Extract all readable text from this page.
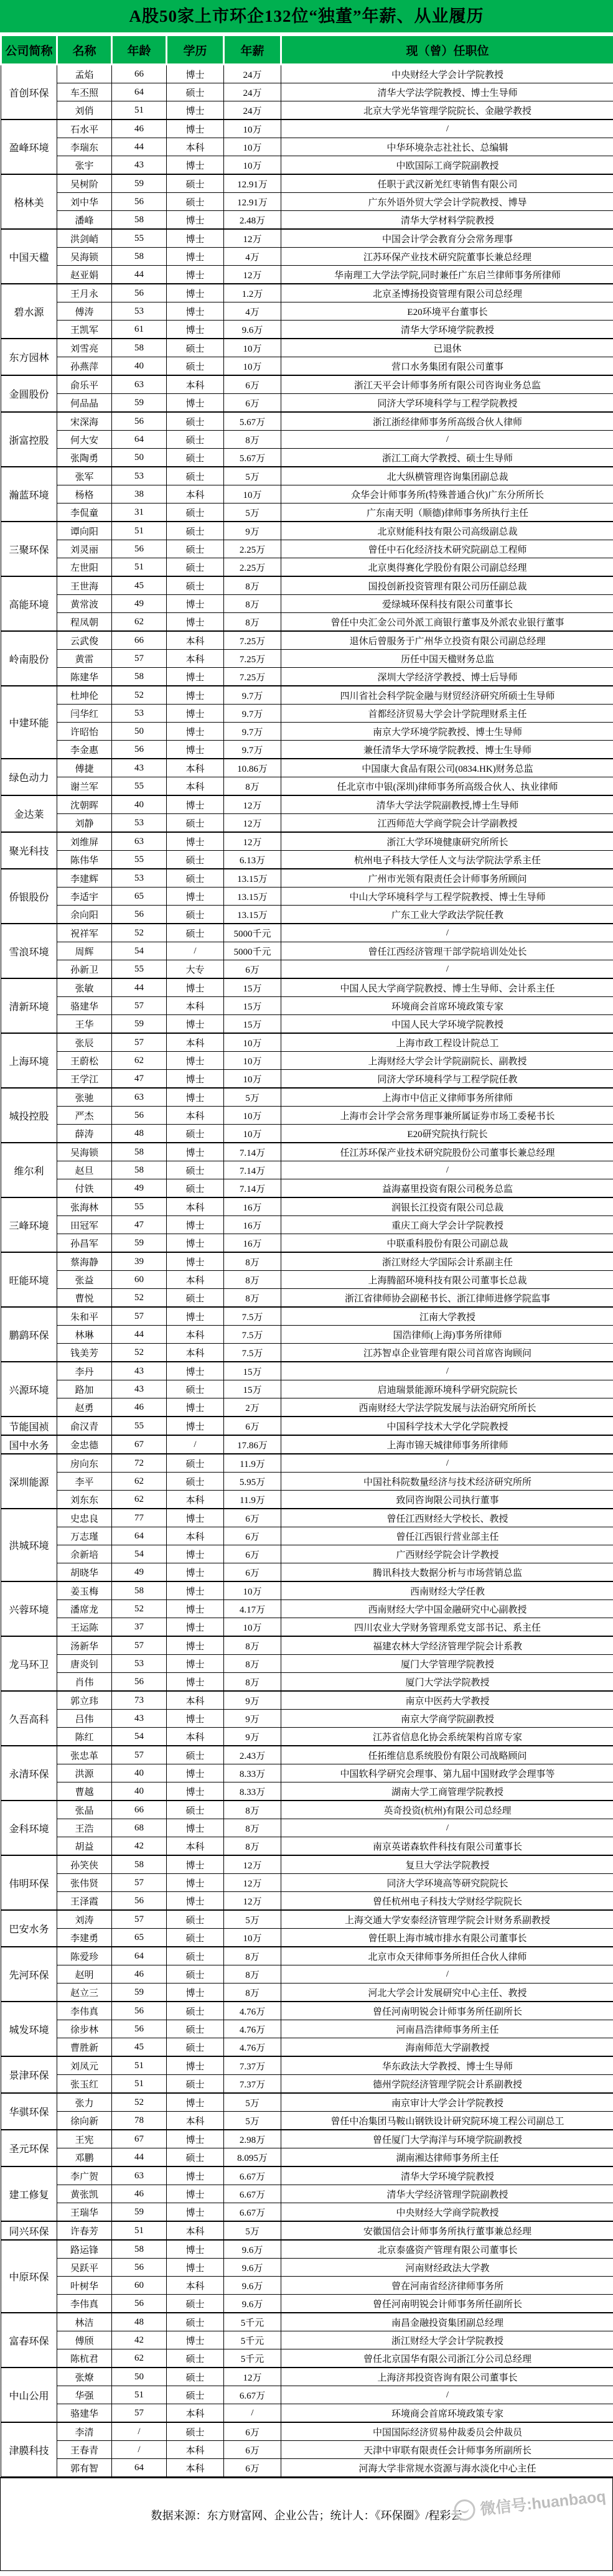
A股50家上市环企132位“独董”年薪、从业履历
公司简称	名称	年龄	学历	年薪	现（曾）任职位
首创环保	孟焰	66	博士	24万	中央财经大学会计学院教授
	车丕照	64	硕士	24万	清华大学法学院教授、博士生导师
	刘俏	51	博士	24万	北京大学光华管理学院院长、金融学教授
盈峰环境	石水平	46	博士	10万	/
	李瑞东	44	本科	10万	中华环境杂志社社长、总编辑
	张宇	43	博士	10万	中欧国际工商学院副教授
格林美	吴树阶	59	硕士	12.91万	任职于武汉新羌红枣销售有限公司
	刘中华	56	硕士	12.91万	广东外语外贸大学会计学院教授、博导
	潘峰	58	博士	2.48万	清华大学材料学院教授
中国天楹	洪剑峭	55	博士	12万	中国会计学会教育分会常务理事
	吴海锁	58	博士	4万	江苏环保产业技术研究院董事长兼总经理
	赵亚娟	44	博士	12万	华南理工大学法学院,同时兼任广东启兰律师事务所律师
碧水源	王月永	56	博士	1.2万	北京圣博扬投资管理有限公司总经理
	傅涛	53	博士	4万	E20环境平台董事长
	王凯军	61	博士	9.6万	清华大学环境学院教授
东方园林	刘雪亮	58	硕士	10万	已退休
	孙燕萍	40	硕士	10万	营口水务集团有限公司董事
金圆股份	俞乐平	63	本科	6万	浙江天平会计师事务所有限公司咨询业务总监
	何品晶	59	博士	6万	同济大学环境科学与工程学院教授
浙富控股	宋深海	56	硕士	5.67万	浙江浙经律师事务所高级合伙人律师
	何大安	64	硕士	8万	/
	张陶勇	50	硕士	5.67万	浙江工商大学教授、硕士生导师
瀚蓝环境	张军	53	硕士	5万	北大纵横管理咨询集团副总裁
	杨格	38	本科	10万	众华会计师事务所(特殊普通合伙)广东分所所长
	李侃童	31	硕士	5万	广东南天明（顺德)律师事务所执行主任
三聚环保	谭向阳	51	硕士	9万	北京财能科技有限公司高级副总裁
	刘灵丽	56	硕士	2.25万	曾任中石化经济技术研究院副总工程师
	左世阳	51	硕士	2.25万	北京奥得赛化学股份有限公司副总经理
高能环境	王世海	45	硕士	8万	国投创新投资管理有限公司历任副总裁
	黄常波	49	博士	8万	爱绿城环保科技有限公司董事长
	程凤朝	62	博士	8万	曾任中央汇金公司外派工商银行董事及外派农业银行董事
岭南股份	云武俊	66	本科	7.25万	退休后曾服务于广州华立投资有限公司副总经理
	黄雷	57	本科	7.25万	历任中国天楹财务总监
	陈建华	58	博士	7.25万	深圳大学经济学教授、博士后导师
中建环能	杜坤伦	52	博士	9.7万	四川省社会科学院金融与财贸经济研究所硕士生导师
	闫华红	53	博士	9.7万	首都经济贸易大学会计学院理财系主任
	许昭怡	50	博士	9.7万	南京大学环境学院教授、博士生导师
	李金惠	56	博士	9.7万	兼任清华大学环境学院教授、博士生导师
绿色动力	傅捷	43	本科	10.86万	中国康大食品有限公司(0834.HK)财务总监
	谢兰军	55	本科	8万	任北京市中银(深圳)律师事务所高级合伙人、执业律师
金达莱	沈朝晖	40	博士	12万	清华大学法学院副教授,博士生导师
	刘静	53	硕士	12万	江西师范大学商学院会计学副教授
聚光科技	刘维屏	63	博士	12万	浙江大学环境健康研究所所长
	陈伟华	55	硕士	6.13万	杭州电子科技大学任人文与法学院法学系主任
侨银股份	李建辉	53	硕士	13.15万	广州市光领有限责任会计师事务所顾问
	李适宇	65	博士	13.15万	中山大学环境科学与工程学院教授、博士生导师
	余向阳	56	硕士	13.15万	广东工业大学政法学院任教
雪浪环境	祝祥军	52	硕士	5000千元	/
	周辉	54	/	5000千元	曾任江西经济管理干部学院培训处处长
	孙新卫	55	大专	6万	/
清新环境	张敏	44	博士	15万	中国人民大学商学院教授、博士生导师、会计系主任
	骆建华	57	本科	15万	环境商会首席环境政策专家
	王华	59	博士	15万	中国人民大学环境学院教授
上海环境	张辰	57	本科	10万	上海市政工程设计院总工
	王蔚松	62	博士	10万	上海财经大学会计学院副院长、副教授
	王学江	47	博士	10万	同济大学环境科学与工程学院任教
城投控股	张驰	63	博士	5万	上海市中信正义律师事务所律师
	严杰	56	本科	10万	上海市会计学会常务理事兼所属证券市场工委秘书长
	薛涛	48	硕士	10万	E20研究院执行院长
维尔利	吴海锁	58	博士	7.14万	任江苏环保产业技术研究院股份公司董事长兼总经理
	赵旦	58	硕士	7.14万	/
	付铁	49	硕士	7.14万	益海嘉里投资有限公司税务总监
三峰环境	张海林	55	本科	16万	润银长江投资有限公司总裁
	田冠军	47	博士	16万	重庆工商大学会计学院教授
	孙昌军	59	博士	16万	中联重科股份有限公司副总裁
旺能环境	蔡海静	39	博士	8万	浙江财经大学国际会计系副主任
	张益	60	本科	8万	上海腾韶环境科技有限公司董事长总裁
	曹悦	52	硕士	8万	浙江省律师协会副秘书长、浙江律师进修学院监事
鹏鹞环保	朱和平	57	博士	7.5万	江南大学教授
	林琳	44	本科	7.5万	国浩律师(上海)事务所律师
	钱美芳	52	本科	7.5万	江苏智卓企业管理有限公司首席咨询顾问
兴源环境	李丹	43	博士	15万	/
	路加	43	硕士	15万	启迪瑞景能源环境科学研究院院长
	赵勇	46	博士	2万	西南财经大学法学院发展与法治研究所所长
节能国祯	俞汉青	55	博士	6万	中国科学技术大学化学院教授
国中水务	金忠德	67	/	17.86万	上海市锦天城律师事务所律师
深圳能源	房向东	72	硕士	11.9万	/
	李平	62	硕士	5.95万	中国社科院数量经济与技术经济研究所所
	刘东东	62	本科	11.9万	致同咨询限公司执行董事
洪城环境	史忠良	77	博士	6万	曾任江西财经大学校长、教授
	万志瑾	64	本科	6万	曾任江西银行营业部主任
	余新培	54	博士	6万	广西财经学院会计学教授
	胡晓华	49	博士	6万	腾讯科技大数据分析与市场营销总监
兴蓉环境	姜玉梅	58	博士	10万	西南财经大学任教
	潘席龙	52	博士	4.17万	西南财经大学中国金融研究中心副教授
	王运陈	37	博士	10万	四川农业大学财务管理系党支部书记、系主任
龙马环卫	汤新华	57	博士	8万	福建农林大学经济管理学院会计系教
	唐炎钊	53	博士	8万	厦门大学管理学院教授
	肖伟	56	博士	8万	厦门大学法学院教授
久吾高科	郭立玮	73	本科	9万	南京中医药大学教授
	吕伟	43	博士	9万	南京大学商学院副教授
	陈红	54	本科	9万	江苏省信息化协会系统架构首席专家
永清环保	张忠革	57	硕士	2.43万	任拓维信息系统股份有限公司战略顾问
	洪源	40	博士	8.33万	中国软科学研究会理事、第九届中国财政学会理事等
	曹越	40	博士	8.33万	湖南大学工商管理学院教授
金科环境	张晶	66	硕士	8万	英奇投资(杭州)有限公司总经理
	王浩	68	博士	8万	/
	胡益	42	本科	8万	南京英诺森软件科技有限公司董事长
伟明环保	孙笑侠	58	博士	12万	复旦大学法学院教授
	张伟贤	57	博士	12万	同济大学环境高等研究院院长
	王泽霞	56	博士	12万	曾任杭州电子科技大学财经学院院长
巴安水务	刘涛	57	硕士	5万	上海交通大学安泰经济管理学院会计财务系副教授
	李建勇	65	硕士	10万	曾任职上海市城市排水有限公司董事长
先河环保	陈爱珍	64	硕士	8万	北京市众天律师事务所担任合伙人律师
	赵明	46	硕士	8万	/
	赵立三	59	博士	8万	河北大学会计发展研究中心主任、教授
城发环境	李伟真	56	硕士	4.76万	曾任河南明锐会计师事务所任副所长
	徐步林	56	硕士	4.76万	河南昌浩律师事务所主任
	曹胜新	45	硕士	4.76万	海南师范大学副教授
景津环保	刘凤元	51	博士	7.37万	华东政法大学教授、博士生导师
	张玉红	51	硕士	7.37万	德州学院经济管理学院会计系副教授
华骐环保	张力	52	博士	5万	南京审计大学会计学院教授
	徐向新	78	本科	5万	曾任中冶集团马鞍山钢铁设计研究院环境工程公司副总工
圣元环保	王宪	67	博士	2.98万	曾任厦门大学海洋与环境学院副教授
	邓鹏	44	硕士	8.095万	湖南湘达律师事务所主任
建工修复	李广贺	63	博士	6.67万	清华大学环境学院教授
	黄张凯	46	博士	6.67万	清华大学经济管理学院副教授
	王瑞华	59	博士	6.67万	中央财经大学商学院教授
同兴环保	许春芳	51	本科	5万	安徽国信会计师事务所执行董事兼总经理
中原环保	路运锋	58	博士	9.6万	北京泰盛资产管理有限公司董事长
	吴跃平	56	博士	9.6万	河南财经政法大学教
	叶树华	60	本科	9.6万	曾在河南省经济律师事务所
	李伟真	56	硕士	9.6万	曾任河南明锐会计师事务所任副所长
富春环保	林洁	48	硕士	5千元	南昌金融投资集团副总经理
	傅颀	42	博士	5千元	浙江财经大学会计学院教授
	陈杭君	62	硕士	5千元	曾任北京国华有限公司浙江分公司总经理
中山公用	张燎	50	硕士	12万	上海济邦投资咨询有限公司董事长
	华强	51	硕士	6.67万	/
	骆建华	57	本科	/	环境商会首席环境政策专家
津膜科技	李清	/	硕士	6万	中国国际经济贸易仲裁委员会仲裁员
	王春青	/	本科	6万	天津中审联有限责任会计师事务所副所长
	郭有智	64	本科	6万	河海大学非常规水资源与海水淡化中心主任
数据来源：东方财富网、企业公告；统计人：《环保圈》/程彩云	微信号:huanbaoq
